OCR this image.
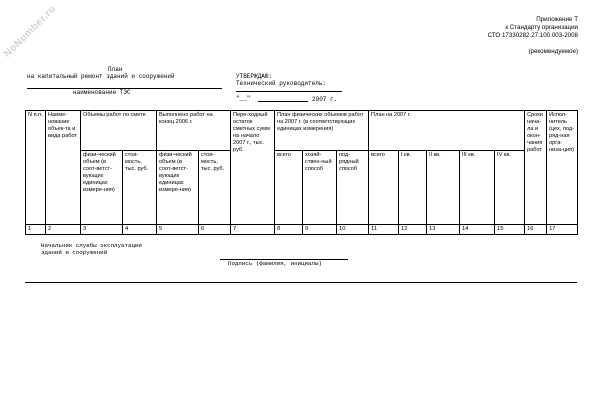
NoNumber.ru	Приложение Т
к Стандарту организации
СТО 17330282.27.100.003-2008
(рекомендуемое)
План
на капитальный ремонт зданий и сооружений
наименование ТЭС
УТВЕРЖДАЮ:
Технический руководитель:
"__"	2007 г.
N п.п.	Наиме-нование объек-та и вида работ	Объемы работ по смете		Выполнено работ на конец 2006 г.		Пере-ходный остаток сметных сумм на начало 2007 г., тыс. руб.	План физических объемов работ на 2007 г. (в соответствующих единицах измерения)			План на 2007 г.					Сроки нача-ла и окон-чания работ	Испол-нитель (цех, под-ряд-ная орга-низа-ция)
		физи-ческий объем (в соот-ветст-вующих единицах измере-ния)	стои-мость, тыс. руб.	физи-ческий объем (в соот-ветст-вующих единицах измере-ния)	стои-мость, тыс. руб.		всего	хозяй-ствен-ный способ	под-рядный способ	всего	I кв.	II кв.	III кв.	IV кв.		
1	2	3	4	5	6	7	8	9	10	11	12	13	14	15	16	17
Начальник службы эксплуатации
зданий и сооружений
Подпись (фамилия, инициалы)
